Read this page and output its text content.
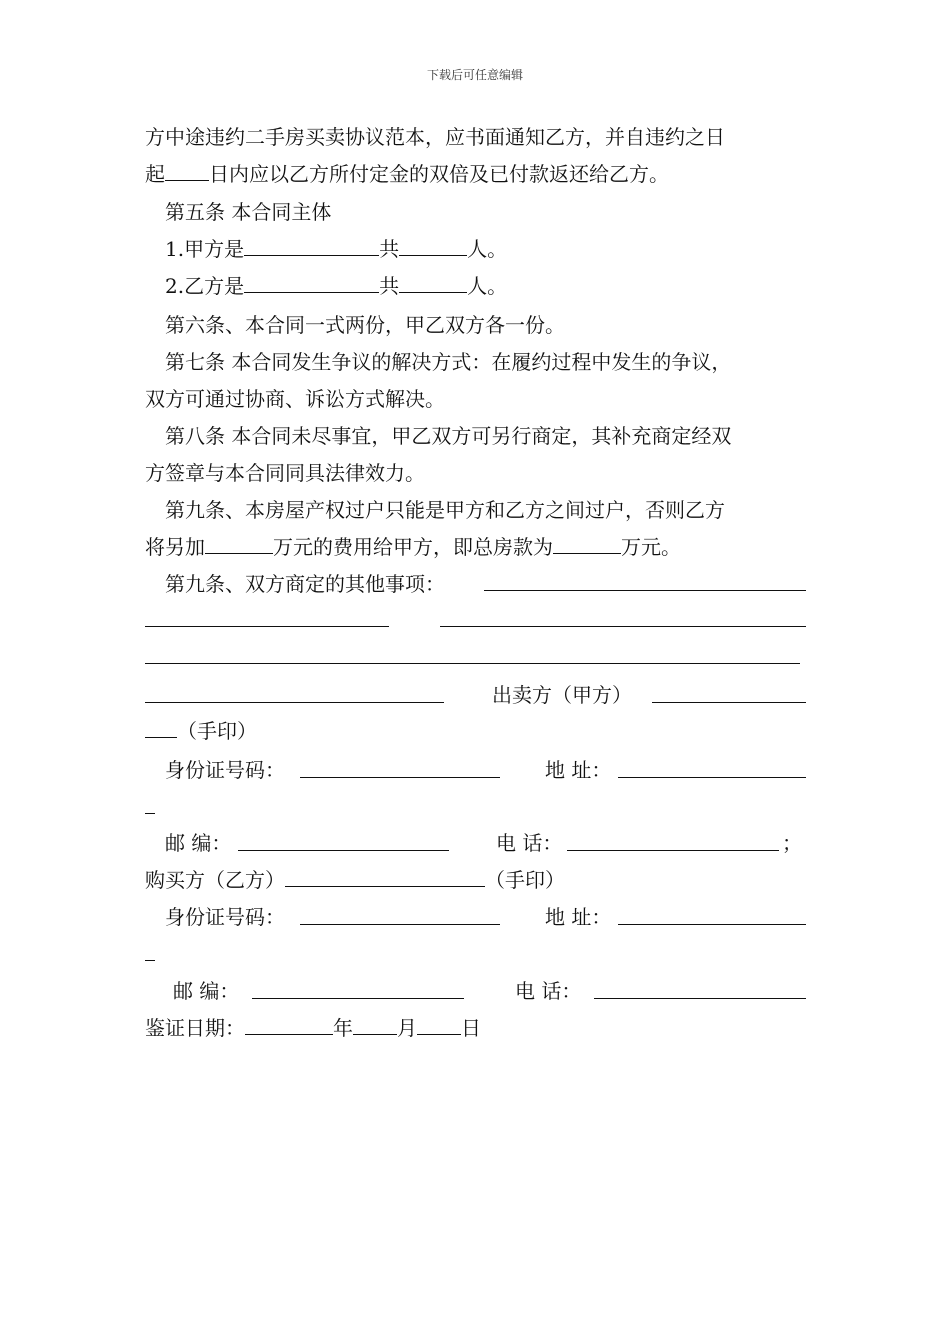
下载后可任意编辑
方中途违约二手房买卖协议范本，应书面通知乙方，并自违约之日
起 日内应以乙方所付定金的双倍及已付款返还给乙方。
第五条 本合同主体
1.甲方是	共	人。
2.乙方是	共	人。
第六条、本合同一式两份，甲乙双方各一份。
第七条 本合同发生争议的解决方式：在履约过程中发生的争议，
双方可通过协商、诉讼方式解决。
第八条 本合同未尽事宜，甲乙双方可另行商定，其补充商定经双
方签章与本合同同具法律效力。
第九条、本房屋产权过户只能是甲方和乙方之间过户，否则乙方
将另加	万元的费用给甲方，即总房款为	万元。
第九条、双方商定的其他事项：
出卖方（甲方）
（手印）
身份证号码：	地 址：
邮 编：	电 话：	；
购买方（乙方）	（手印）
身份证号码：	地 址：
邮 编：	电 话：
鉴证日期：	年 月 日
